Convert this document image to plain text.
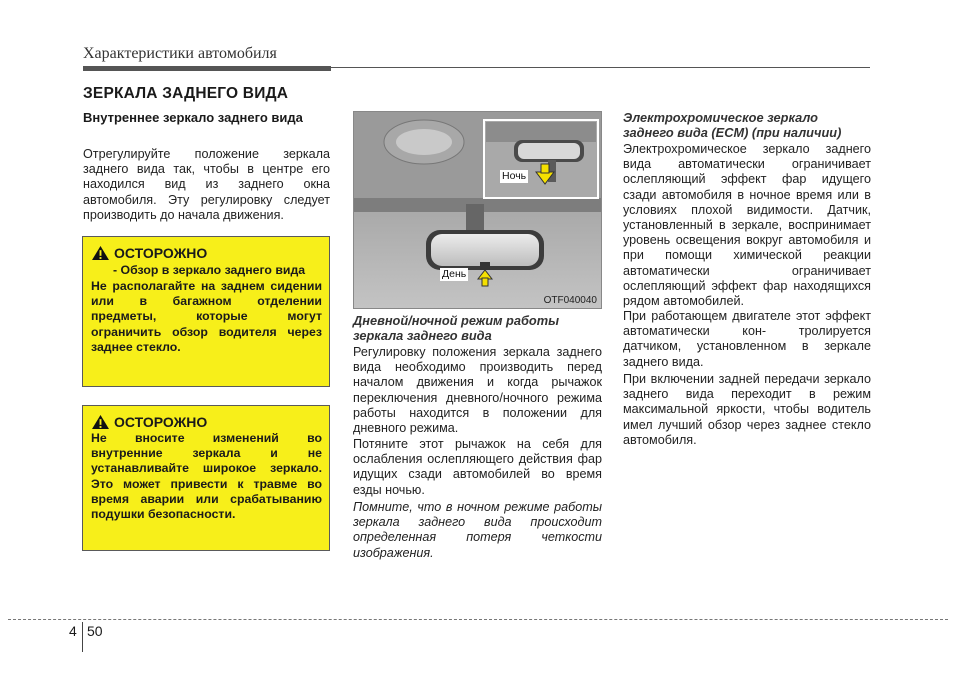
Характеристики автомобиля
ЗЕРКАЛА ЗАДНЕГО ВИДА
Внутреннее зеркало заднего вида
Отрегулируйте положение зеркала заднего вида так, чтобы в центре его находился вид из заднего окна автомобиля. Эту регулировку следует производить до начала движения.
ОСТОРОЖНО
- Обзор в зеркало заднего вида
Не располагайте на заднем сидении или в багажном отделении предметы, которые могут ограничить обзор водителя через заднее стекло.
ОСТОРОЖНО
Не вносите изменений во внутренние зеркала и не устанавливайте широкое зеркало. Это может привести к травме во время аварии или срабатыванию подушки безопасности.
Ночь
День
OTF040040
Дневной/ночной режим работы зеркала заднего вида
Регулировку положения зеркала заднего вида необходимо производить перед началом движения и когда рычажок переключения дневного/ночного режима работы находится в положении для дневного режима.
Потяните этот рычажок на себя для ослабления ослепляющего действия фар идущих сзади автомобилей во время езды ночью.
Помните, что в ночном режиме работы зеркала заднего вида происходит определенная потеря четкости изображения.
Электрохромическое зеркало заднего вида (ECM) (при наличии)
Электрохромическое зеркало заднего вида автоматически ограничивает ослепляющий эффект фар идущего сзади автомобиля в ночное время или в условиях плохой видимости. Датчик, установленный в зеркале, воспринимает уровень освещения вокруг автомобиля и при помощи химической реакции автоматически ограничивает ослепляющий эффект фар находящихся рядом автомобилей.
При работающем двигателе этот эффект автоматически кон- тролируется датчиком, установленном в зеркале заднего вида.
При включении задней передачи зеркало заднего вида переходит в режим максимальной яркости, чтобы водитель имел лучший обзор через заднее стекло автомобиля.
4 50
